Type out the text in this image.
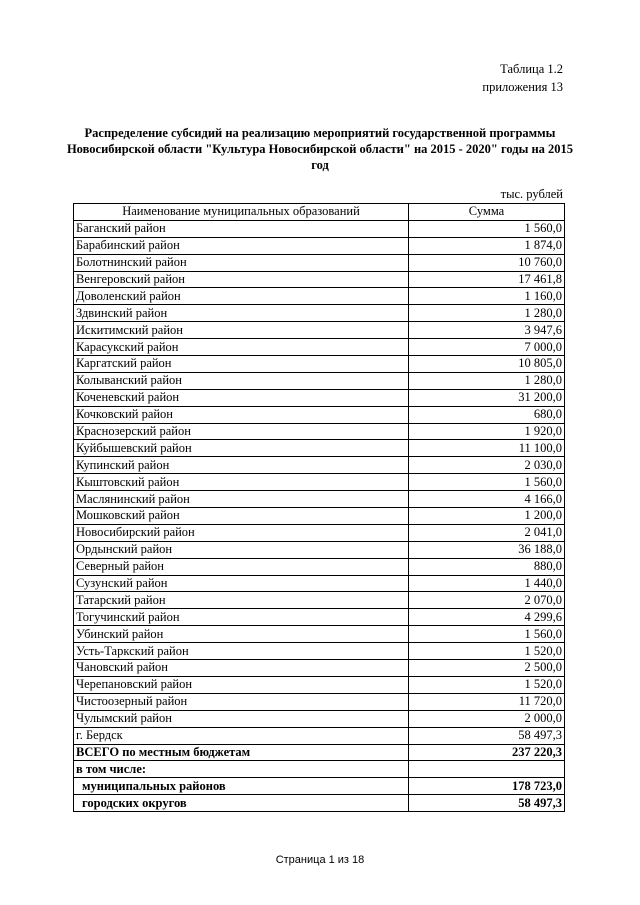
Таблица 1.2
приложения 13
Распределение субсидий на реализацию мероприятий государственной программы Новосибирской области "Культура Новосибирской области" на 2015 - 2020" годы на 2015 год
тыс. рублей
Наименование муниципальных образований	Сумма
Баганский район	1 560,0
Барабинский район	1 874,0
Болотнинский район	10 760,0
Венгеровский район	17 461,8
Доволенский район	1 160,0
Здвинский район	1 280,0
Искитимский район	3 947,6
Карасукский район	7 000,0
Каргатский район	10 805,0
Колыванский район	1 280,0
Коченевский район	31 200,0
Кочковский район	680,0
Краснозерский район	1 920,0
Куйбышевский район	11 100,0
Купинский район	2 030,0
Кыштовский район	1 560,0
Маслянинский район	4 166,0
Мошковский район	1 200,0
Новосибирский район	2 041,0
Ордынский район	36 188,0
Северный район	880,0
Сузунский район	1 440,0
Татарский район	2 070,0
Тогучинский район	4 299,6
Убинский район	1 560,0
Усть-Таркский район	1 520,0
Чановский район	2 500,0
Черепановский район	1 520,0
Чистоозерный район	11 720,0
Чулымский район	2 000,0
г. Бердск	58 497,3
ВСЕГО по местным бюджетам	237 220,3
в том числе:	
муниципальных районов	178 723,0
городских округов	58 497,3
Страница 1 из 18
